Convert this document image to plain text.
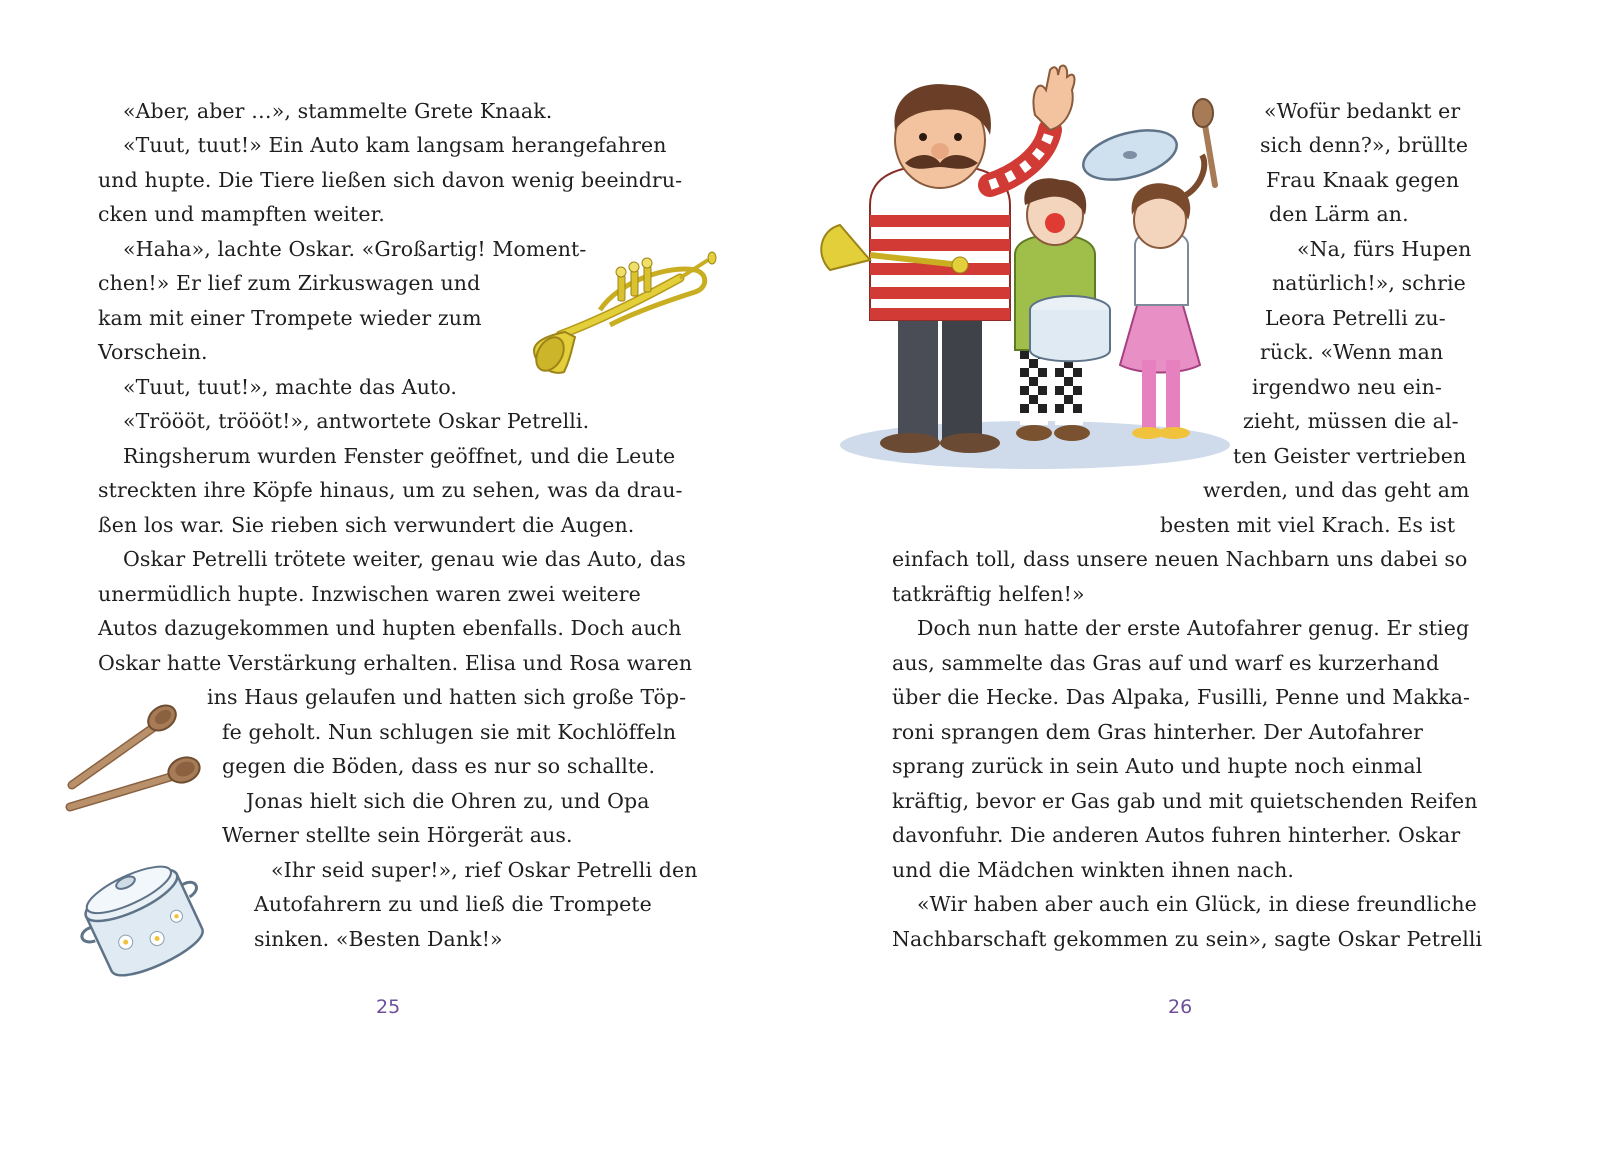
«Aber, aber …», stammelte Grete Knaak.
«Tuut, tuut!» Ein Auto kam langsam herangefahren
und hupte. Die Tiere ließen sich davon wenig beeindru-
cken und mampften weiter.
«Haha», lachte Oskar. «Großartig! Moment-
chen!» Er lief zum Zirkuswagen und
kam mit einer Trompete wieder zum
Vorschein.
«Tuut, tuut!», machte das Auto.
«Tröööt, tröööt!», antwortete Oskar Petrelli.
Ringsherum wurden Fenster geöffnet, und die Leute
streckten ihre Köpfe hinaus, um zu sehen, was da drau-
ßen los war. Sie rieben sich verwundert die Augen.
Oskar Petrelli trötete weiter, genau wie das Auto, das
unermüdlich hupte. Inzwischen waren zwei weitere
Autos dazugekommen und hupten ebenfalls. Doch auch
Oskar hatte Verstärkung erhalten. Elisa und Rosa waren
ins Haus gelaufen und hatten sich große Töp-
fe geholt. Nun schlugen sie mit Kochlöffeln
gegen die Böden, dass es nur so schallte.
Jonas hielt sich die Ohren zu, und Opa
Werner stellte sein Hörgerät aus.
«Ihr seid super!», rief Oskar Petrelli den
Autofahrern zu und ließ die Trompete
sinken. «Besten Dank!»
25
«Wofür bedankt er
sich denn?», brüllte
Frau Knaak gegen
den Lärm an.
«Na, fürs Hupen
natürlich!», schrie
Leora Petrelli zu-
rück. «Wenn man
irgendwo neu ein-
zieht, müssen die al-
ten Geister vertrieben
werden, und das geht am
besten mit viel Krach. Es ist
einfach toll, dass unsere neuen Nachbarn uns dabei so
tatkräftig helfen!»
Doch nun hatte der erste Autofahrer genug. Er stieg
aus, sammelte das Gras auf und warf es kurzerhand
über die Hecke. Das Alpaka, Fusilli, Penne und Makka-
roni sprangen dem Gras hinterher. Der Autofahrer
sprang zurück in sein Auto und hupte noch einmal
kräftig, bevor er Gas gab und mit quietschenden Reifen
davonfuhr. Die anderen Autos fuhren hinterher. Oskar
und die Mädchen winkten ihnen nach.
«Wir haben aber auch ein Glück, in diese freundliche
Nachbarschaft gekommen zu sein», sagte Oskar Petrelli
26
